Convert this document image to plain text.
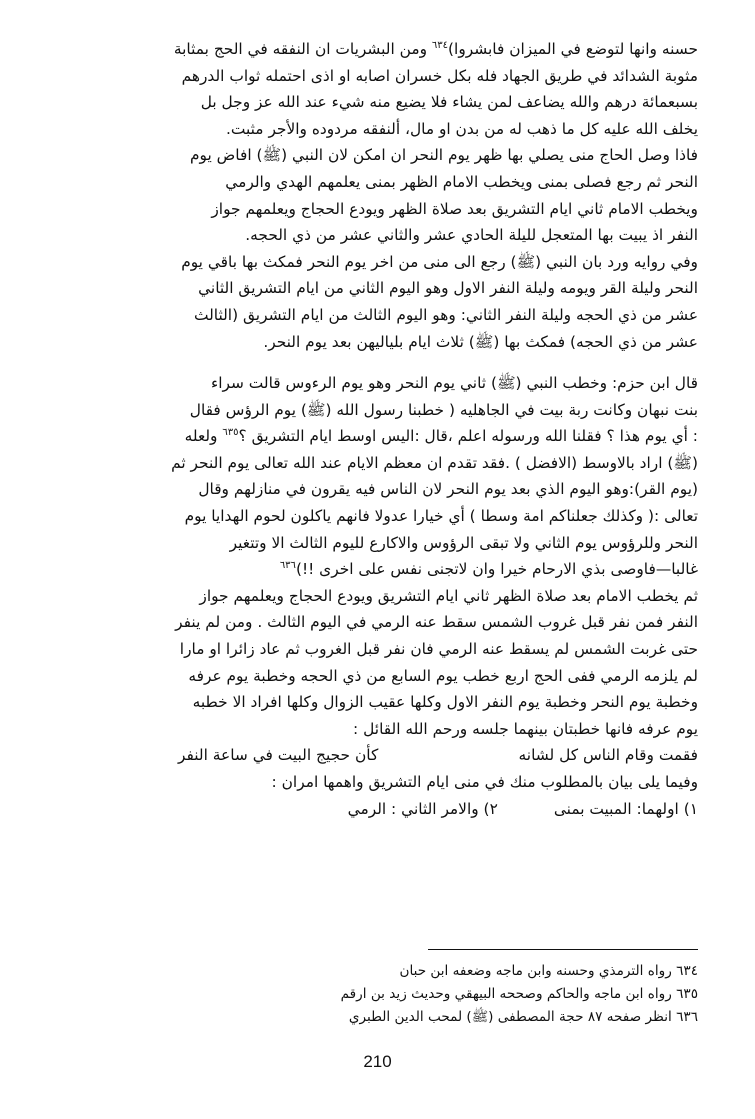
حسنه وانها لتوضع في الميزان فابشروا)$^{٦٣٤}$ ومن البشريات ان النفقه في الحج بمثابة

مثوبة الشدائد في طريق الجهاد فله بكل خسران اصابه او اذى احتمله ثواب الدرهم

بسبعمائة درهم والله يضاعف لمن يشاء فلا يضيع منه شيء عند الله عز وجل بل

يخلف الله عليه كل ما ذهب له من بدن او مال، ألنفقه مردوده والأجر مثبت.

فاذا وصل الحاج منى يصلي بها ظهر يوم النحر ان امكن لان النبي (ﷺ) افاض يوم

النحر ثم رجع فصلى بمنى ويخطب الامام الظهر بمنى يعلمهم الهدي والرمي

ويخطب الامام ثاني ايام التشريق بعد صلاة الظهر ويودع الحجاج ويعلمهم جواز

النفر اذ يبيت بها المتعجل لليلة الحادي عشر والثاني عشر من ذي الحجه.

وفي روايه ورد بان النبي (ﷺ) رجع الى منى من اخر يوم النحر فمكث بها باقي يوم

النحر وليلة القر ويومه وليلة النفر الاول وهو اليوم الثاني من ايام التشريق الثاني

عشر من ذي الحجه وليلة النفر الثاني: وهو اليوم الثالث من ايام التشريق (الثالث

عشر من ذي الحجه) فمكث بها (ﷺ) ثلاث ايام بلياليهن بعد يوم النحر.

قال ابن حزم: وخطب النبي (ﷺ) ثاني يوم النحر وهو يوم الرءوس قالت سراء

بنت نبهان وكانت ربة بيت في الجاهليه ( خطبنا رسول الله (ﷺ) يوم الرؤس فقال

: أي يوم هذا ؟ فقلنا الله ورسوله اعلم ،قال :اليس اوسط ايام التشريق ؟$^{٦٣٥}$ ولعله

(ﷺ) اراد بالاوسط (الافضل ) .فقد تقدم ان معظم الايام عند الله تعالى يوم النحر ثم

(يوم القر):وهو اليوم الذي بعد يوم النحر لان الناس فيه يقرون في منازلهم وقال

تعالى :( وكذلك جعلناكم امة وسطا ) أي خيارا عدولا فانهم ياكلون لحوم الهدايا يوم

النحر وللرؤوس يوم الثاني ولا تبقى الرؤوس والاكارع لليوم الثالث الا وتتغير

غالبا—فاوصى بذي الارحام خيرا وان لاتجنى نفس على اخرى !!)$^{٦٣٦}$

ثم يخطب الامام بعد صلاة الظهر ثاني ايام التشريق ويودع الحجاج ويعلمهم جواز

النفر فمن نفر قبل غروب الشمس سقط عنه الرمي في اليوم الثالث . ومن لم ينفر

حتى غربت الشمس لم يسقط عنه الرمي فان نفر قبل الغروب ثم عاد زائرا او مارا

لم يلزمه الرمي ففى الحج اربع خطب يوم السابع من ذي الحجه وخطبة يوم عرفه

وخطبة يوم النحر وخطبة يوم النفر الاول وكلها عقيب الزوال وكلها افراد الا خطبه

يوم عرفه فانها خطبتان بينهما جلسه ورحم الله القائل :

فقمت وقام الناس كل لشانه
كأن حجيج البيت في ساعة النفر

وفيما يلى بيان بالمطلوب منك في منى ايام التشريق واهمها امران :

١) اولهما: المبيت بمنى
٢) والامر الثاني : الرمي

٦٣٤ رواه الترمذي وحسنه وابن ماجه وضعفه ابن حبان

٦٣٥ رواه ابن ماجه والحاكم وصححه البيهقي وحديث زيد بن ارقم

٦٣٦ انظر صفحه ٨٧ حجة المصطفى (ﷺ) لمحب الدين الطبري

210
